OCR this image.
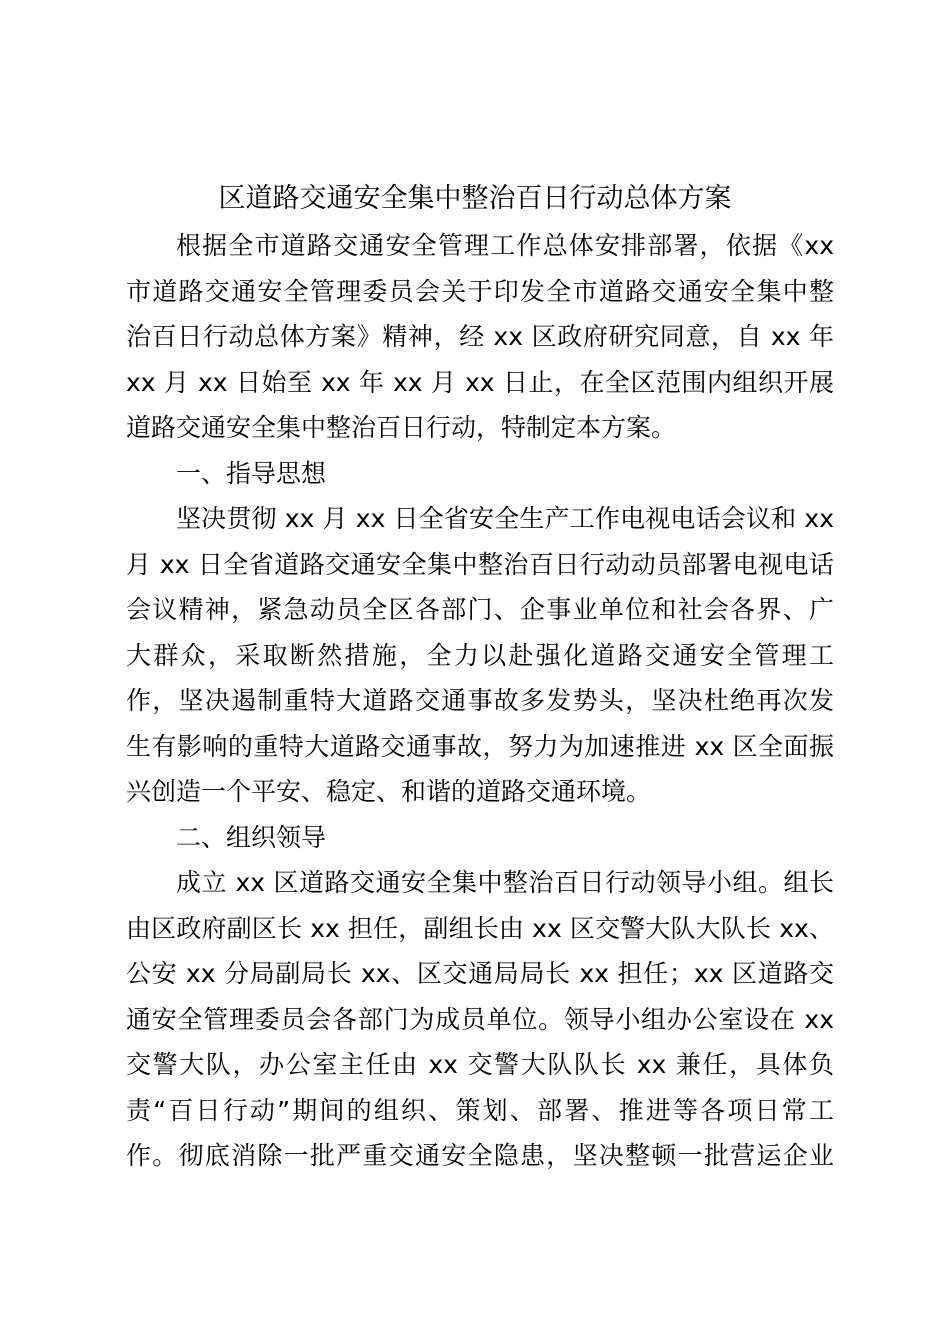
区道路交通安全集中整治百日行动总体方案
根据全市道路交通安全管理工作总体安排部署，依据《xx
市道路交通安全管理委员会关于印发全市道路交通安全集中整
治百日行动总体方案》精神，经 xx 区政府研究同意，自 xx 年
xx 月 xx 日始至 xx 年 xx 月 xx 日止，在全区范围内组织开展
道路交通安全集中整治百日行动，特制定本方案。
一、指导思想
坚决贯彻 xx 月 xx 日全省安全生产工作电视电话会议和 xx
月 xx 日全省道路交通安全集中整治百日行动动员部署电视电话
会议精神，紧急动员全区各部门、企事业单位和社会各界、广
大群众，采取断然措施，全力以赴强化道路交通安全管理工
作，坚决遏制重特大道路交通事故多发势头，坚决杜绝再次发
生有影响的重特大道路交通事故，努力为加速推进 xx 区全面振
兴创造一个平安、稳定、和谐的道路交通环境。
二、组织领导
成立 xx 区道路交通安全集中整治百日行动领导小组。组长
由区政府副区长 xx 担任，副组长由 xx 区交警大队大队长 xx、
公安 xx 分局副局长 xx、区交通局局长 xx 担任；xx 区道路交
通安全管理委员会各部门为成员单位。领导小组办公室设在 xx
交警大队，办公室主任由 xx 交警大队队长 xx 兼任，具体负
责“百日行动”期间的组织、策划、部署、推进等各项日常工
作。彻底消除一批严重交通安全隐患，坚决整顿一批营运企业
